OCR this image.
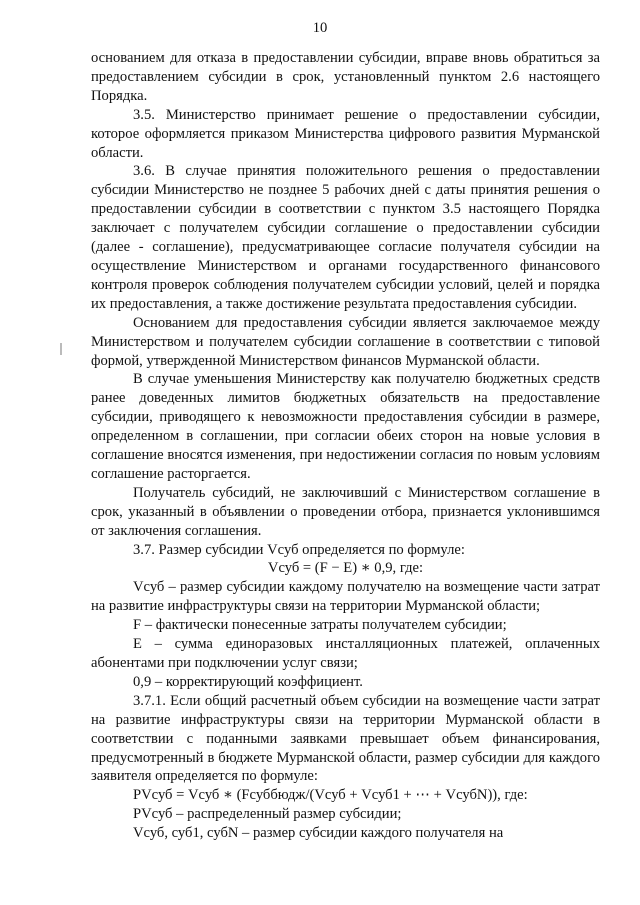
10

основанием для отказа в предоставлении субсидии, вправе вновь обратиться за предоставлением субсидии в срок, установленный пунктом 2.6 настоящего Порядка.

3.5. Министерство принимает решение о предоставлении субсидии, которое оформляется приказом Министерства цифрового развития Мурманской области.

3.6. В случае принятия положительного решения о предоставлении субсидии Министерство не позднее 5 рабочих дней с даты принятия решения о предоставлении субсидии в соответствии с пунктом 3.5 настоящего Порядка заключает с получателем субсидии соглашение о предоставлении субсидии (далее - соглашение), предусматривающее согласие получателя субсидии на осуществление Министерством и органами государственного финансового контроля проверок соблюдения получателем субсидии условий, целей и порядка их предоставления, а также достижение результата предоставления субсидии.

Основанием для предоставления субсидии является заключаемое между Министерством и получателем субсидии соглашение в соответствии с типовой формой, утвержденной Министерством финансов Мурманской области.

В случае уменьшения Министерству как получателю бюджетных средств ранее доведенных лимитов бюджетных обязательств на предоставление субсидии, приводящего к невозможности предоставления субсидии в размере, определенном в соглашении, при согласии обеих сторон на новые условия в соглашение вносятся изменения, при недостижении согласия по новым условиям соглашение расторгается.

Получатель субсидий, не заключивший с Министерством соглашение в срок, указанный в объявлении о проведении отбора, признается уклонившимся от заключения соглашения.

3.7. Размер субсидии Vсуб определяется по формуле:

Vсуб = (F − E) ∗ 0,9, где:

Vсуб – размер субсидии каждому получателю на возмещение части затрат на развитие инфраструктуры связи на территории Мурманской области;

F – фактически понесенные затраты получателем субсидии;

E – сумма единоразовых инсталляционных платежей, оплаченных абонентами при подключении услуг связи;

0,9 – корректирующий коэффициент.

3.7.1. Если общий расчетный объем субсидии на возмещение части затрат на развитие инфраструктуры связи на территории Мурманской области в соответствии с поданными заявками превышает объем финансирования, предусмотренный в бюджете Мурманской области, размер субсидии для каждого заявителя определяется по формуле:

PVсуб = Vсуб ∗ (Fсуббюдж/(Vсуб + Vсуб1 + ⋯ + VсубN)), где:

PVсуб – распределенный размер субсидии;

Vсуб, суб1, субN – размер субсидии каждого получателя на
